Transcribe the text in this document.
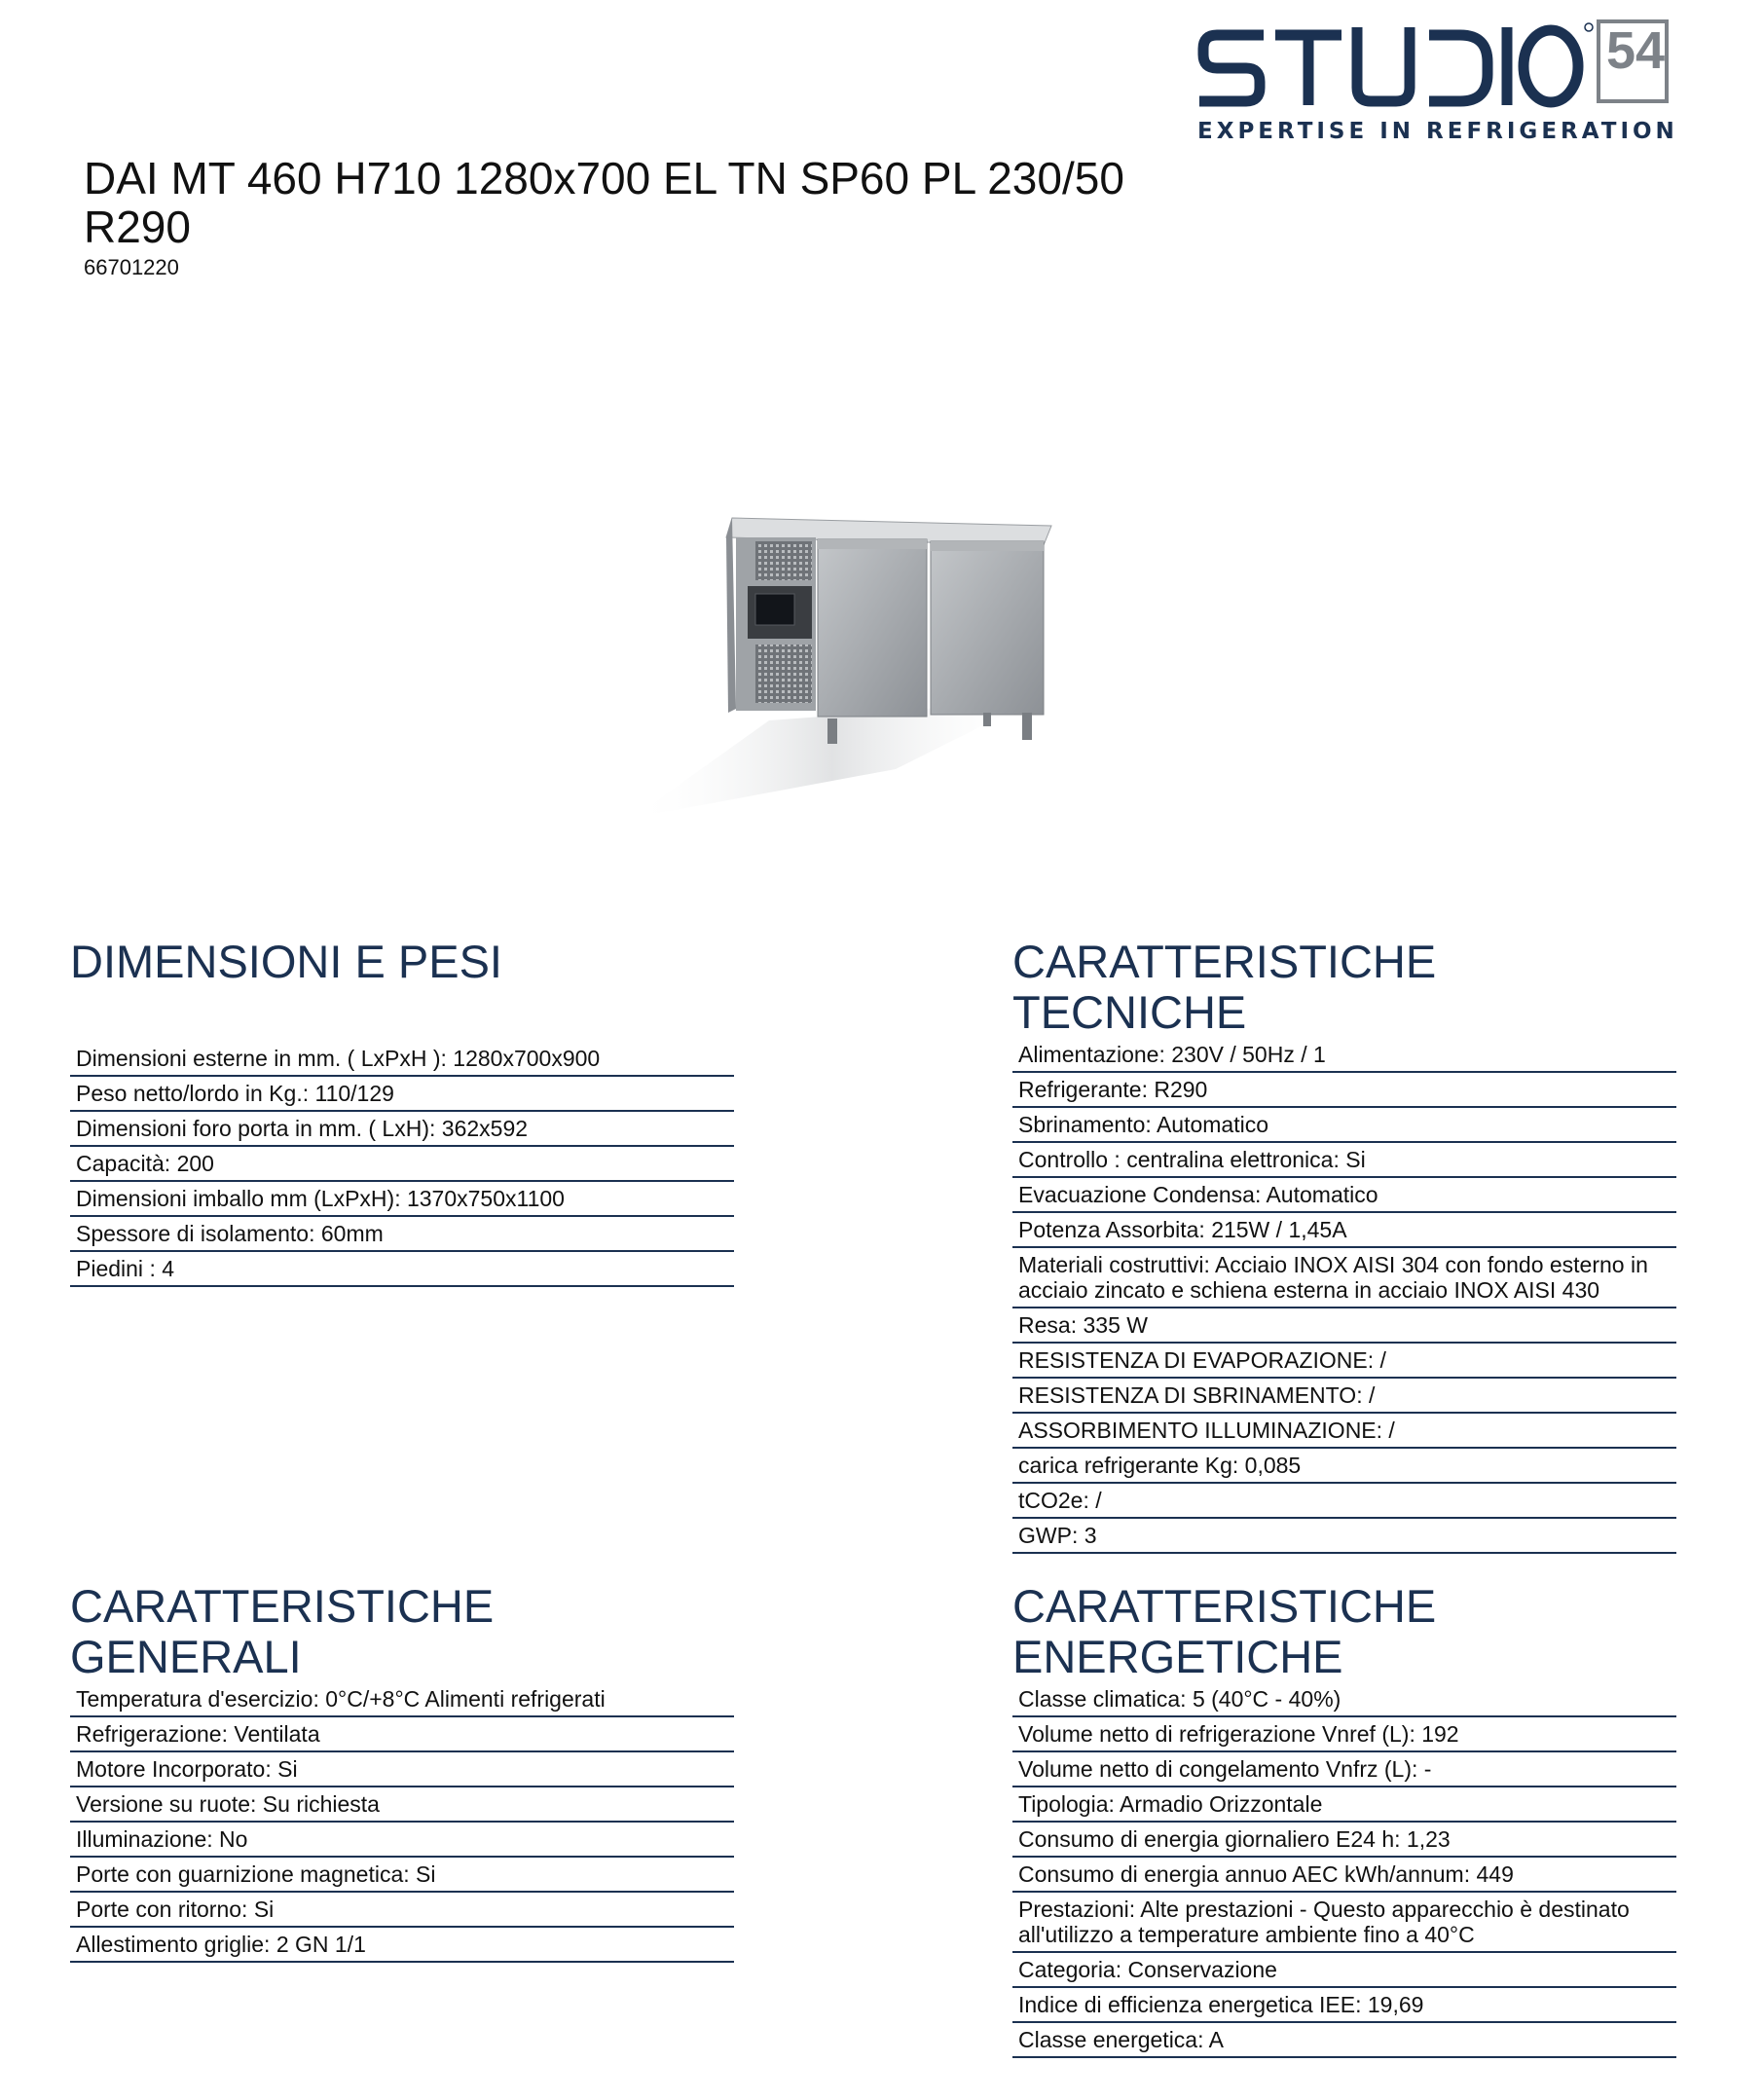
54
EXPERTISE IN REFRIGERATION
DAI MT 460 H710 1280x700 EL TN SP60 PL 230/50 R290
66701220
DIMENSIONI E PESI
Dimensioni esterne in mm. ( LxPxH ) : 1280x700x900
Peso netto/lordo in Kg. : 110/129
Dimensioni foro porta in mm. ( LxH) : 362x592
Capacità : 200
Dimensioni imballo mm (LxPxH) : 1370x750x1100
Spessore di isolamento : 60mm
Piedini : 4
CARATTERISTICHE TECNICHE
Alimentazione : 230V / 50Hz / 1
Refrigerante : R290
Sbrinamento : Automatico
Controllo : centralina elettronica : Si
Evacuazione Condensa : Automatico
Potenza Assorbita : 215W / 1,45A
Materiali costruttivi : Acciaio INOX AISI 304 con fondo esterno in acciaio zincato e schiena esterna in acciaio INOX AISI 430
Resa : 335 W
RESISTENZA DI EVAPORAZIONE : /
RESISTENZA DI SBRINAMENTO : /
ASSORBIMENTO ILLUMINAZIONE : /
carica refrigerante Kg : 0,085
tCO2e : /
GWP : 3
CARATTERISTICHE GENERALI
Temperatura d'esercizio : 0°C/+8°C Alimenti refrigerati
Refrigerazione : Ventilata
Motore Incorporato : Si
Versione su ruote : Su richiesta
Illuminazione : No
Porte con guarnizione magnetica : Si
Porte con ritorno : Si
Allestimento griglie : 2 GN 1/1
CARATTERISTICHE ENERGETICHE
Classe climatica : 5 (40°C - 40%)
Volume netto di refrigerazione Vnref (L) : 192
Volume netto di congelamento Vnfrz (L) : -
Tipologia : Armadio Orizzontale
Consumo di energia giornaliero E24 h : 1,23
Consumo di energia annuo AEC kWh/annum : 449
Prestazioni : Alte prestazioni - Questo apparecchio è destinato all'utilizzo a temperature ambiente fino a 40°C
Categoria : Conservazione
Indice di efficienza energetica IEE : 19,69
Classe energetica : A
